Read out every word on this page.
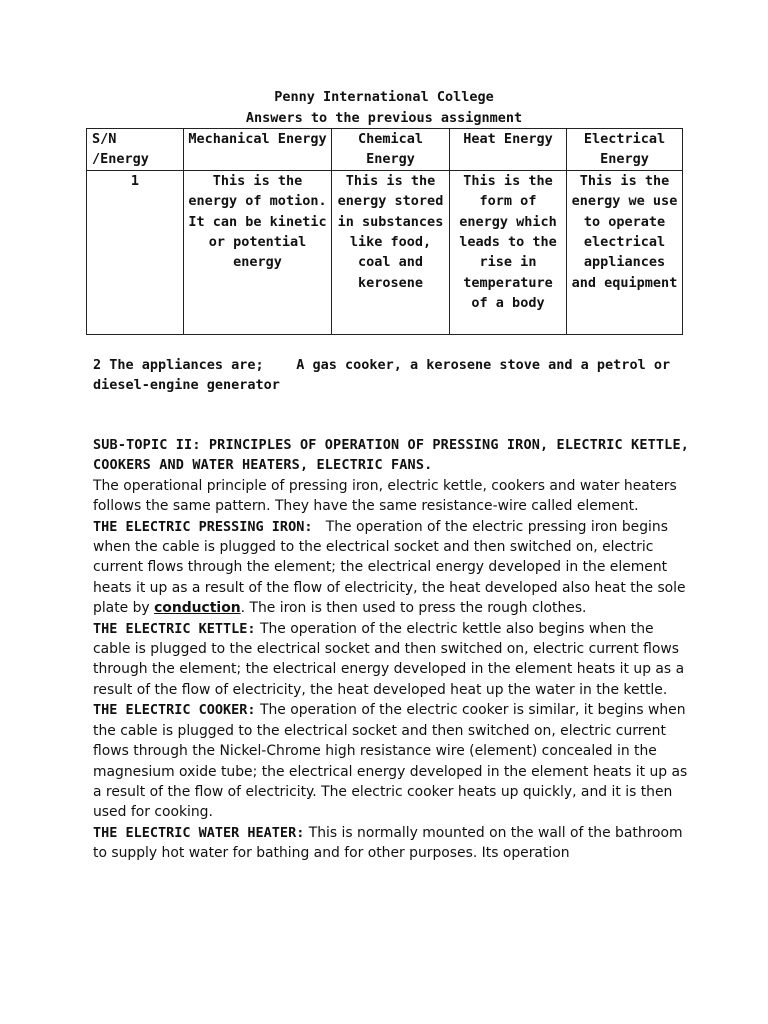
Penny International College
Answers to the previous assignment
S/N /Energy	Mechanical Energy	Chemical Energy	Heat Energy	Electrical Energy
1	This is the energy of motion. It can be kinetic or potential energy	This is the energy stored in substances like food, coal and kerosene	This is the form of energy which leads to the rise in temperature of a body	This is the energy we use to operate electrical appliances and equipment
2 The appliances are; A gas cooker, a kerosene stove and a petrol or diesel-engine generator

SUB-TOPIC II: PRINCIPLES OF OPERATION OF PRESSING IRON, ELECTRIC KETTLE, COOKERS AND WATER HEATERS, ELECTRIC FANS.

The operational principle of pressing iron, electric kettle, cookers and water heaters follows the same pattern. They have the same resistance-wire called element.

THE ELECTRIC PRESSING IRON: The operation of the electric pressing iron begins when the cable is plugged to the electrical socket and then switched on, electric current flows through the element; the electrical energy developed in the element heats it up as a result of the flow of electricity, the heat developed also heat the sole plate by conduction. The iron is then used to press the rough clothes.

THE ELECTRIC KETTLE: The operation of the electric kettle also begins when the cable is plugged to the electrical socket and then switched on, electric current flows through the element; the electrical energy developed in the element heats it up as a result of the flow of electricity, the heat developed heat up the water in the kettle.

THE ELECTRIC COOKER: The operation of the electric cooker is similar, it begins when the cable is plugged to the electrical socket and then switched on, electric current flows through the Nickel-Chrome high resistance wire (element) concealed in the magnesium oxide tube; the electrical energy developed in the element heats it up as a result of the flow of electricity. The electric cooker heats up quickly, and it is then used for cooking.

THE ELECTRIC WATER HEATER: This is normally mounted on the wall of the bathroom to supply hot water for bathing and for other purposes. Its operation
